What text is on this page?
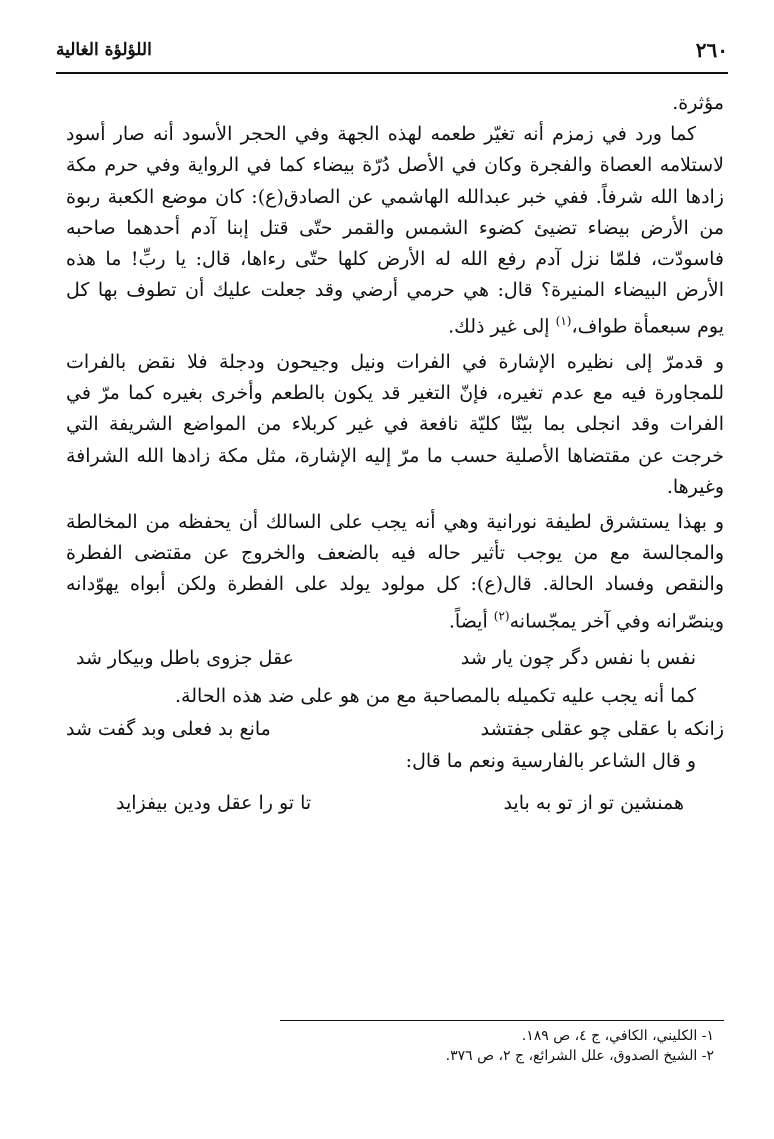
٢٦٠
اللؤلؤة الغالية

مؤثرة.

كما ورد في زمزم أنه تغيّر طعمه لهذه الجهة وفي الحجر الأسود أنه صار أسود لاستلامه العصاة والفجرة وكان في الأصل دُرّة بيضاء كما في الرواية وفي حرم مكة زادها الله شرفاً. ففي خبر عبدالله الهاشمي عن الصادق(ع): كان موضع الكعبة ربوة من الأرض بيضاء تضيئ كضوء الشمس والقمر حتّى قتل إبنا آدم أحدهما صاحبه فاسودّت، فلمّا نزل آدم رفع الله له الأرض كلها حتّى رءاها، قال: يا ربِّ! ما هذه الأرض البيضاء المنيرة؟ قال: هي حرمي أرضي وقد جعلت عليك أن تطوف بها كل يوم سبعمأة طواف،$^{(١)}$ إلى غير ذلك.

و قدمرّ إلى نظيره الإشارة في الفرات ونيل وجيحون ودجلة فلا نقض بالفرات للمجاورة فيه مع عدم تغيره، فإنّ التغير قد يكون بالطعم وأخرى بغيره كما مرّ في الفرات وقد انجلى بما بيّنّا كليّة نافعة في غير كربلاء من المواضع الشريفة التي خرجت عن مقتضاها الأصلية حسب ما مرّ إليه الإشارة، مثل مكة زادها الله الشرافة وغيرها.

و بهذا يستشرق لطيفة نورانية وهي أنه يجب على السالك أن يحفظه من المخالطة والمجالسة مع من يوجب تأثير حاله فيه بالضعف والخروج عن مقتضى الفطرة والنقص وفساد الحالة. قال(ع): كل مولود يولد على الفطرة ولكن أبواه يهوّدانه وينصّرانه وفي آخر يمجّسانه$^{(٢)}$ أيضاً.

نفس با نفس دگر چون يار شد
عقل جزوى باطل وبيكار شد

كما أنه يجب عليه تكميله بالمصاحبة مع من هو على ضد هذه الحالة.

زانكه با عقلى چو عقلى جفتشد
مانع بد فعلى وبد گفت شد

و قال الشاعر بالفارسية ونعم ما قال:

همنشين تو از تو به بايد
تا تو را عقل ودين بيفزايد
١- الكليني، الكافي، ج ٤، ص ١٨٩.
٢- الشيخ الصدوق، علل الشرائع، ج ٢، ص ٣٧٦.
